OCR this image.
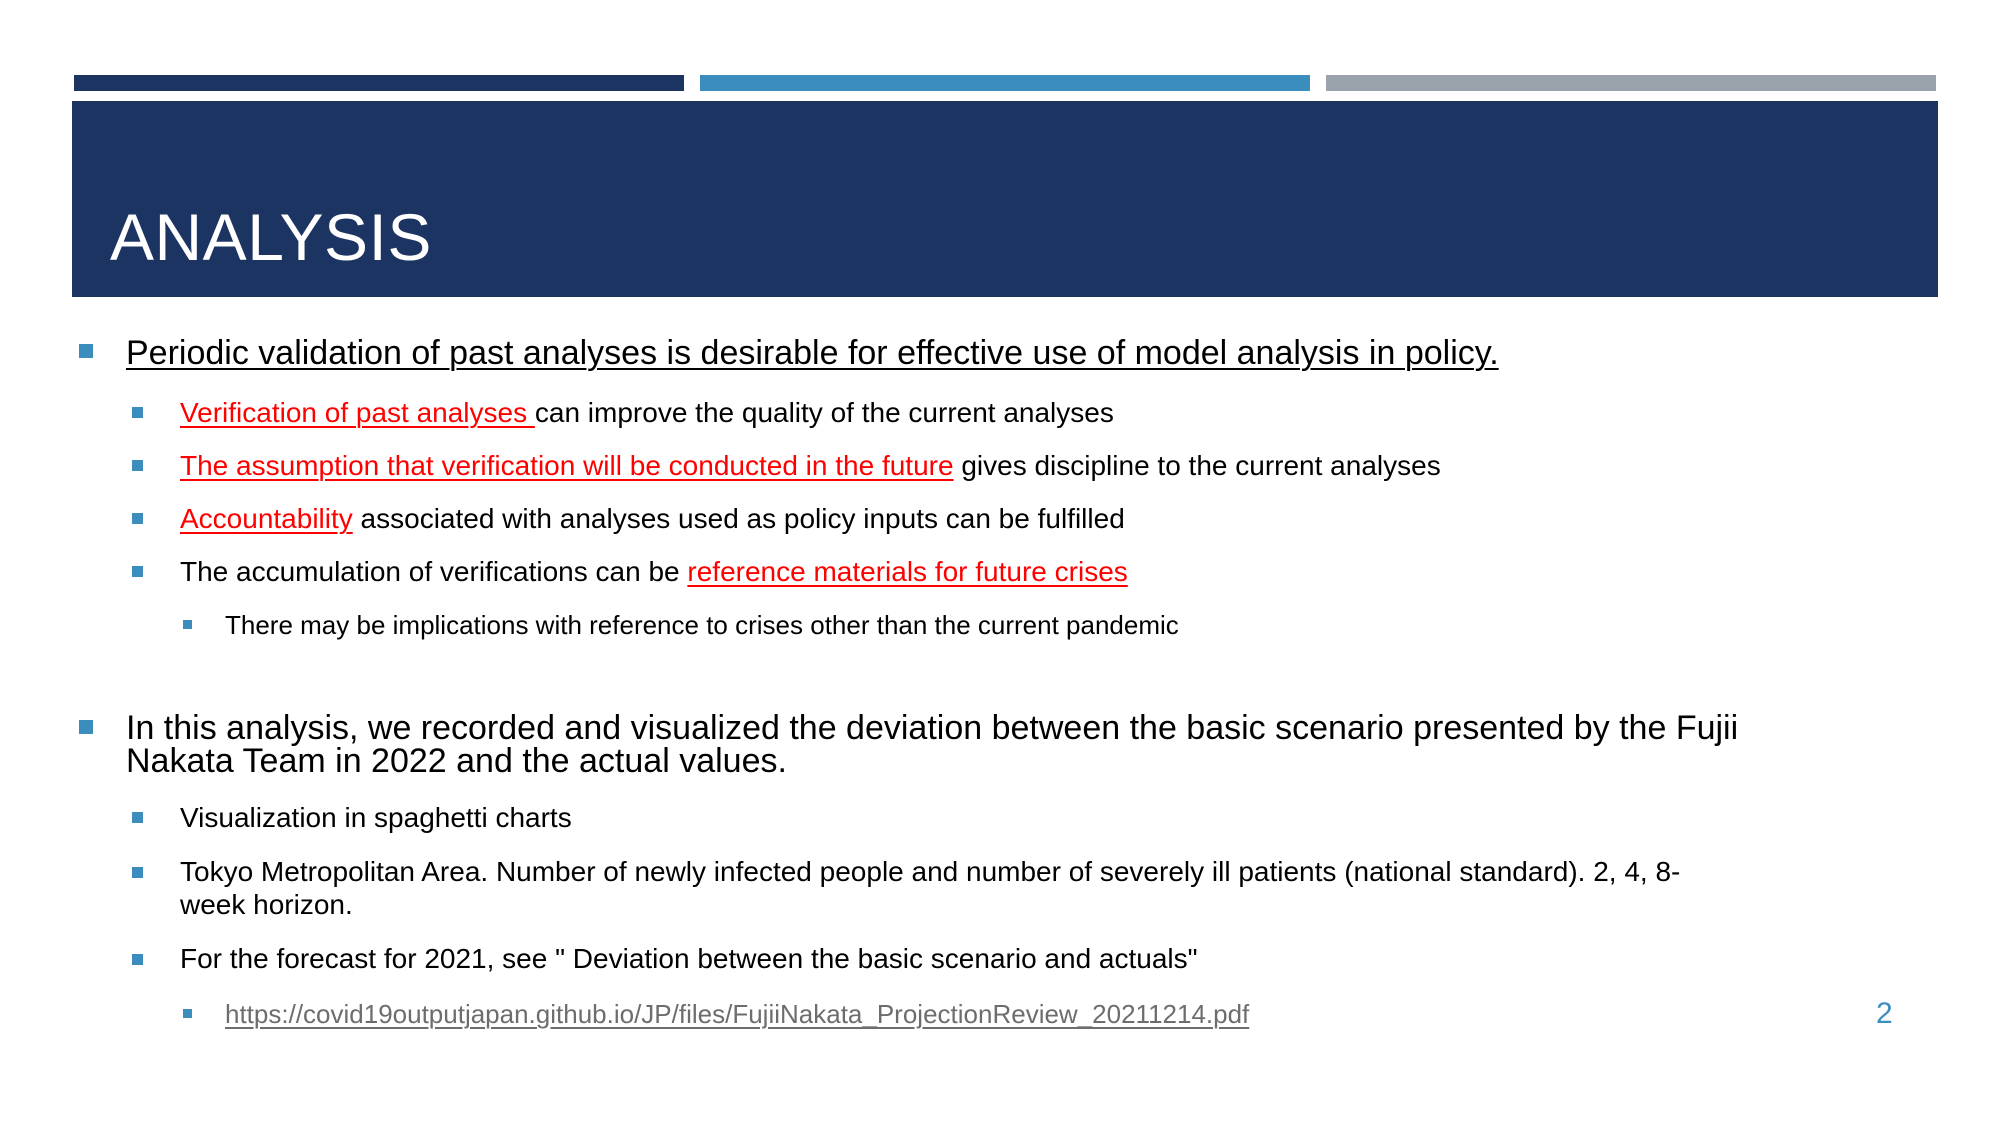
ANALYSIS
Periodic validation of past analyses is desirable for effective use of model analysis in policy.
Verification of past analyses can improve the quality of the current analyses
The assumption that verification will be conducted in the future gives discipline to the current analyses
Accountability associated with analyses used as policy inputs can be fulfilled
The accumulation of verifications can be reference materials for future crises
There may be implications with reference to crises other than the current pandemic
In this analysis, we recorded and visualized the deviation between the basic scenario presented by the Fujii
Nakata Team in 2022 and the actual values.
Visualization in spaghetti charts
Tokyo Metropolitan Area. Number of newly infected people and number of severely ill patients (national standard). 2, 4, 8-
week horizon.
For the forecast for 2021, see " Deviation between the basic scenario and actuals"
https://covid19outputjapan.github.io/JP/files/FujiiNakata_ProjectionReview_20211214.pdf	2
